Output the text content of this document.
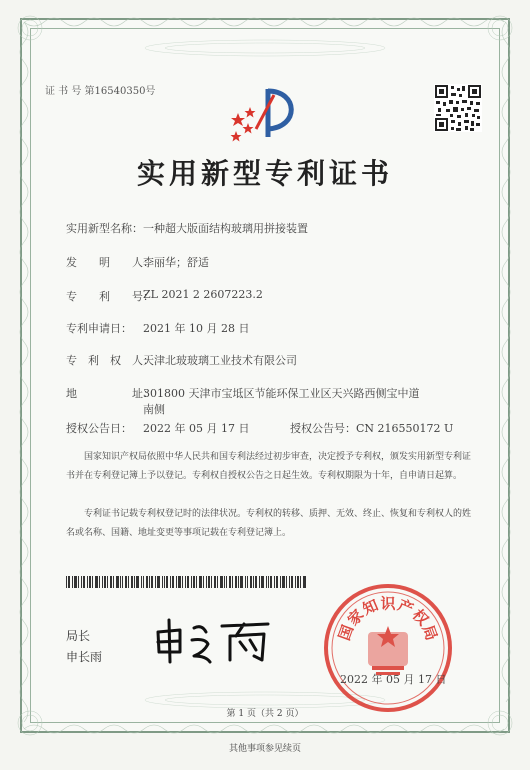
证 书 号 第16540350号
实用新型专利证书
实用新型名称： 一种超大版面结构玻璃用拼接装置
发　　明　　人：
李丽华；舒适
专　　利　　号：
ZL 2021 2 2607223.2
专利申请日： 2021 年 10 月 28 日
专　利　权　人：
天津北玻玻璃工业技术有限公司
地　　　　　址：
301800 天津市宝坻区节能环保工业区天兴路西侧宝中道
南侧
授权公告日： 2022 年 05 月 17 日	授权公告号：CN 216550172 U
国家知识产权局依照中华人民共和国专利法经过初步审查，决定授予专利权，颁发实用新型专利证书并在专利登记簿上予以登记。专利权自授权公告之日起生效。专利权期限为十年，自申请日起算。
专利证书记载专利权登记时的法律状况。专利权的转移、质押、无效、终止、恢复和专利权人的姓名或名称、国籍、地址变更等事项记载在专利登记簿上。
局长
申长雨
国
家
知 识 产
权
局
2022 年 05 月 17 日
第 1 页（共 2 页）
其他事项参见续页
